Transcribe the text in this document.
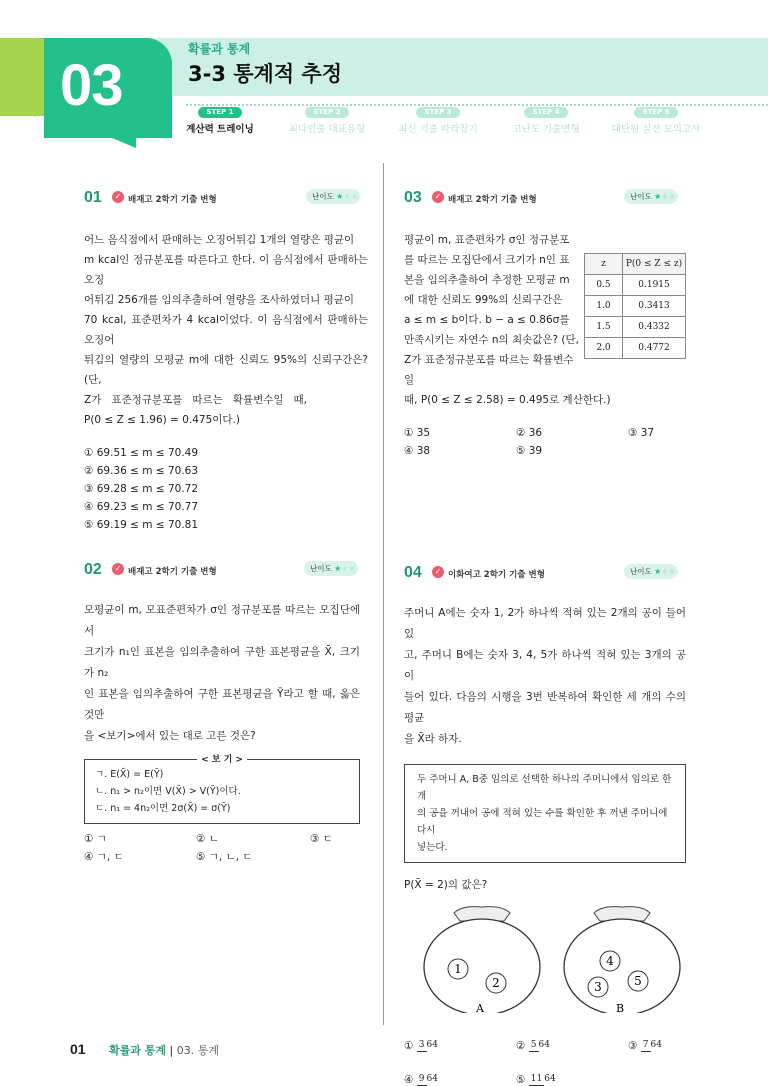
03
확률과 통계
3-3 통계적 추정
STEP 1
계산력 트레이닝
STEP 2
최다빈출 대표유형
STEP 3
최신 기출 따라잡기
STEP 4
고난도 기출변형
STEP 5
대단원 실전 모의고사
01	✓ 배재고 2학기 기출 변형	난이도 ★★★
어느 음식점에서 판매하는 오징어튀김 1개의 열량은 평균이
m kcal인 정규분포를 따른다고 한다. 이 음식점에서 판매하는 오징
어튀김 256개를 임의추출하여 열량을 조사하였더니 평균이
70 kcal, 표준편차가 4 kcal이었다. 이 음식점에서 판매하는 오징어
튀김의 열량의 모평균 m에 대한 신뢰도 95%의 신뢰구간은? (단,
Z가   표준정규분포를   따르는   확률변수일   때,
P(0 ≤ Z ≤ 1.96) = 0.475이다.)
① 69.51 ≤ m ≤ 70.49
② 69.36 ≤ m ≤ 70.63
③ 69.28 ≤ m ≤ 70.72
④ 69.23 ≤ m ≤ 70.77
⑤ 69.19 ≤ m ≤ 70.81
03	✓ 배재고 2학기 기출 변형	난이도 ★★★
평균이 m, 표준편차가 σ인 정규분포
를 따르는 모집단에서 크기가 n인 표
본을 임의추출하여 추정한 모평균 m
에 대한 신뢰도 99%의 신뢰구간은
a ≤ m ≤ b이다. b − a ≤ 0.86σ를
만족시키는 자연수 n의 최솟값은? (단,
Z가 표준정규분포를 따르는 확률변수일
때, P(0 ≤ Z ≤ 2.58) = 0.495로 계산한다.)
z	P(0 ≤ Z ≤ z)
0.5	0.1915
1.0	0.3413
1.5	0.4332
2.0	0.4772
① 35	② 36	③ 37
④ 38	⑤ 39
02	✓ 배재고 2학기 기출 변형	난이도 ★★★
모평균이 m, 모표준편차가 σ인 정규분포를 따르는 모집단에서
크기가 n₁인 표본을 임의추출하여 구한 표본평균을 X̄, 크기가 n₂
인 표본을 임의추출하여 구한 표본평균을 Ȳ라고 할 때, 옳은 것만
을 <보기>에서 있는 대로 고른 것은?
< 보 기 >
ㄱ. E(X̄) = E(Ȳ)
ㄴ. n₁ > n₂이면 V(X̄) > V(Ȳ)이다.
ㄷ. n₁ = 4n₂이면 2σ(X̄) = σ(Ȳ)
① ㄱ	② ㄴ	③ ㄷ
④ ㄱ, ㄷ	⑤ ㄱ, ㄴ, ㄷ
04	✓ 이화여고 2학기 기출 변형	난이도 ★★★
주머니 A에는 숫자 1, 2가 하나씩 적혀 있는 2개의 공이 들어 있
고, 주머니 B에는 숫자 3, 4, 5가 하나씩 적혀 있는 3개의 공이
들어 있다. 다음의 시행을 3번 반복하여 확인한 세 개의 수의 평균
을 X̄라 하자.
두 주머니 A, B중 임의로 선택한 하나의 주머니에서 임의로 한 개
의 공을 꺼내어 공에 적혀 있는 수를 확인한 후 꺼낸 주머니에 다시
넣는다.
P(X̄ = 2)의 값은?
1
2
A
4
3	5
B
① 3 64	② 5 64	③ 7 64
④ 9 64	⑤ 11 64
01 확률과 통계 | 03. 통계
